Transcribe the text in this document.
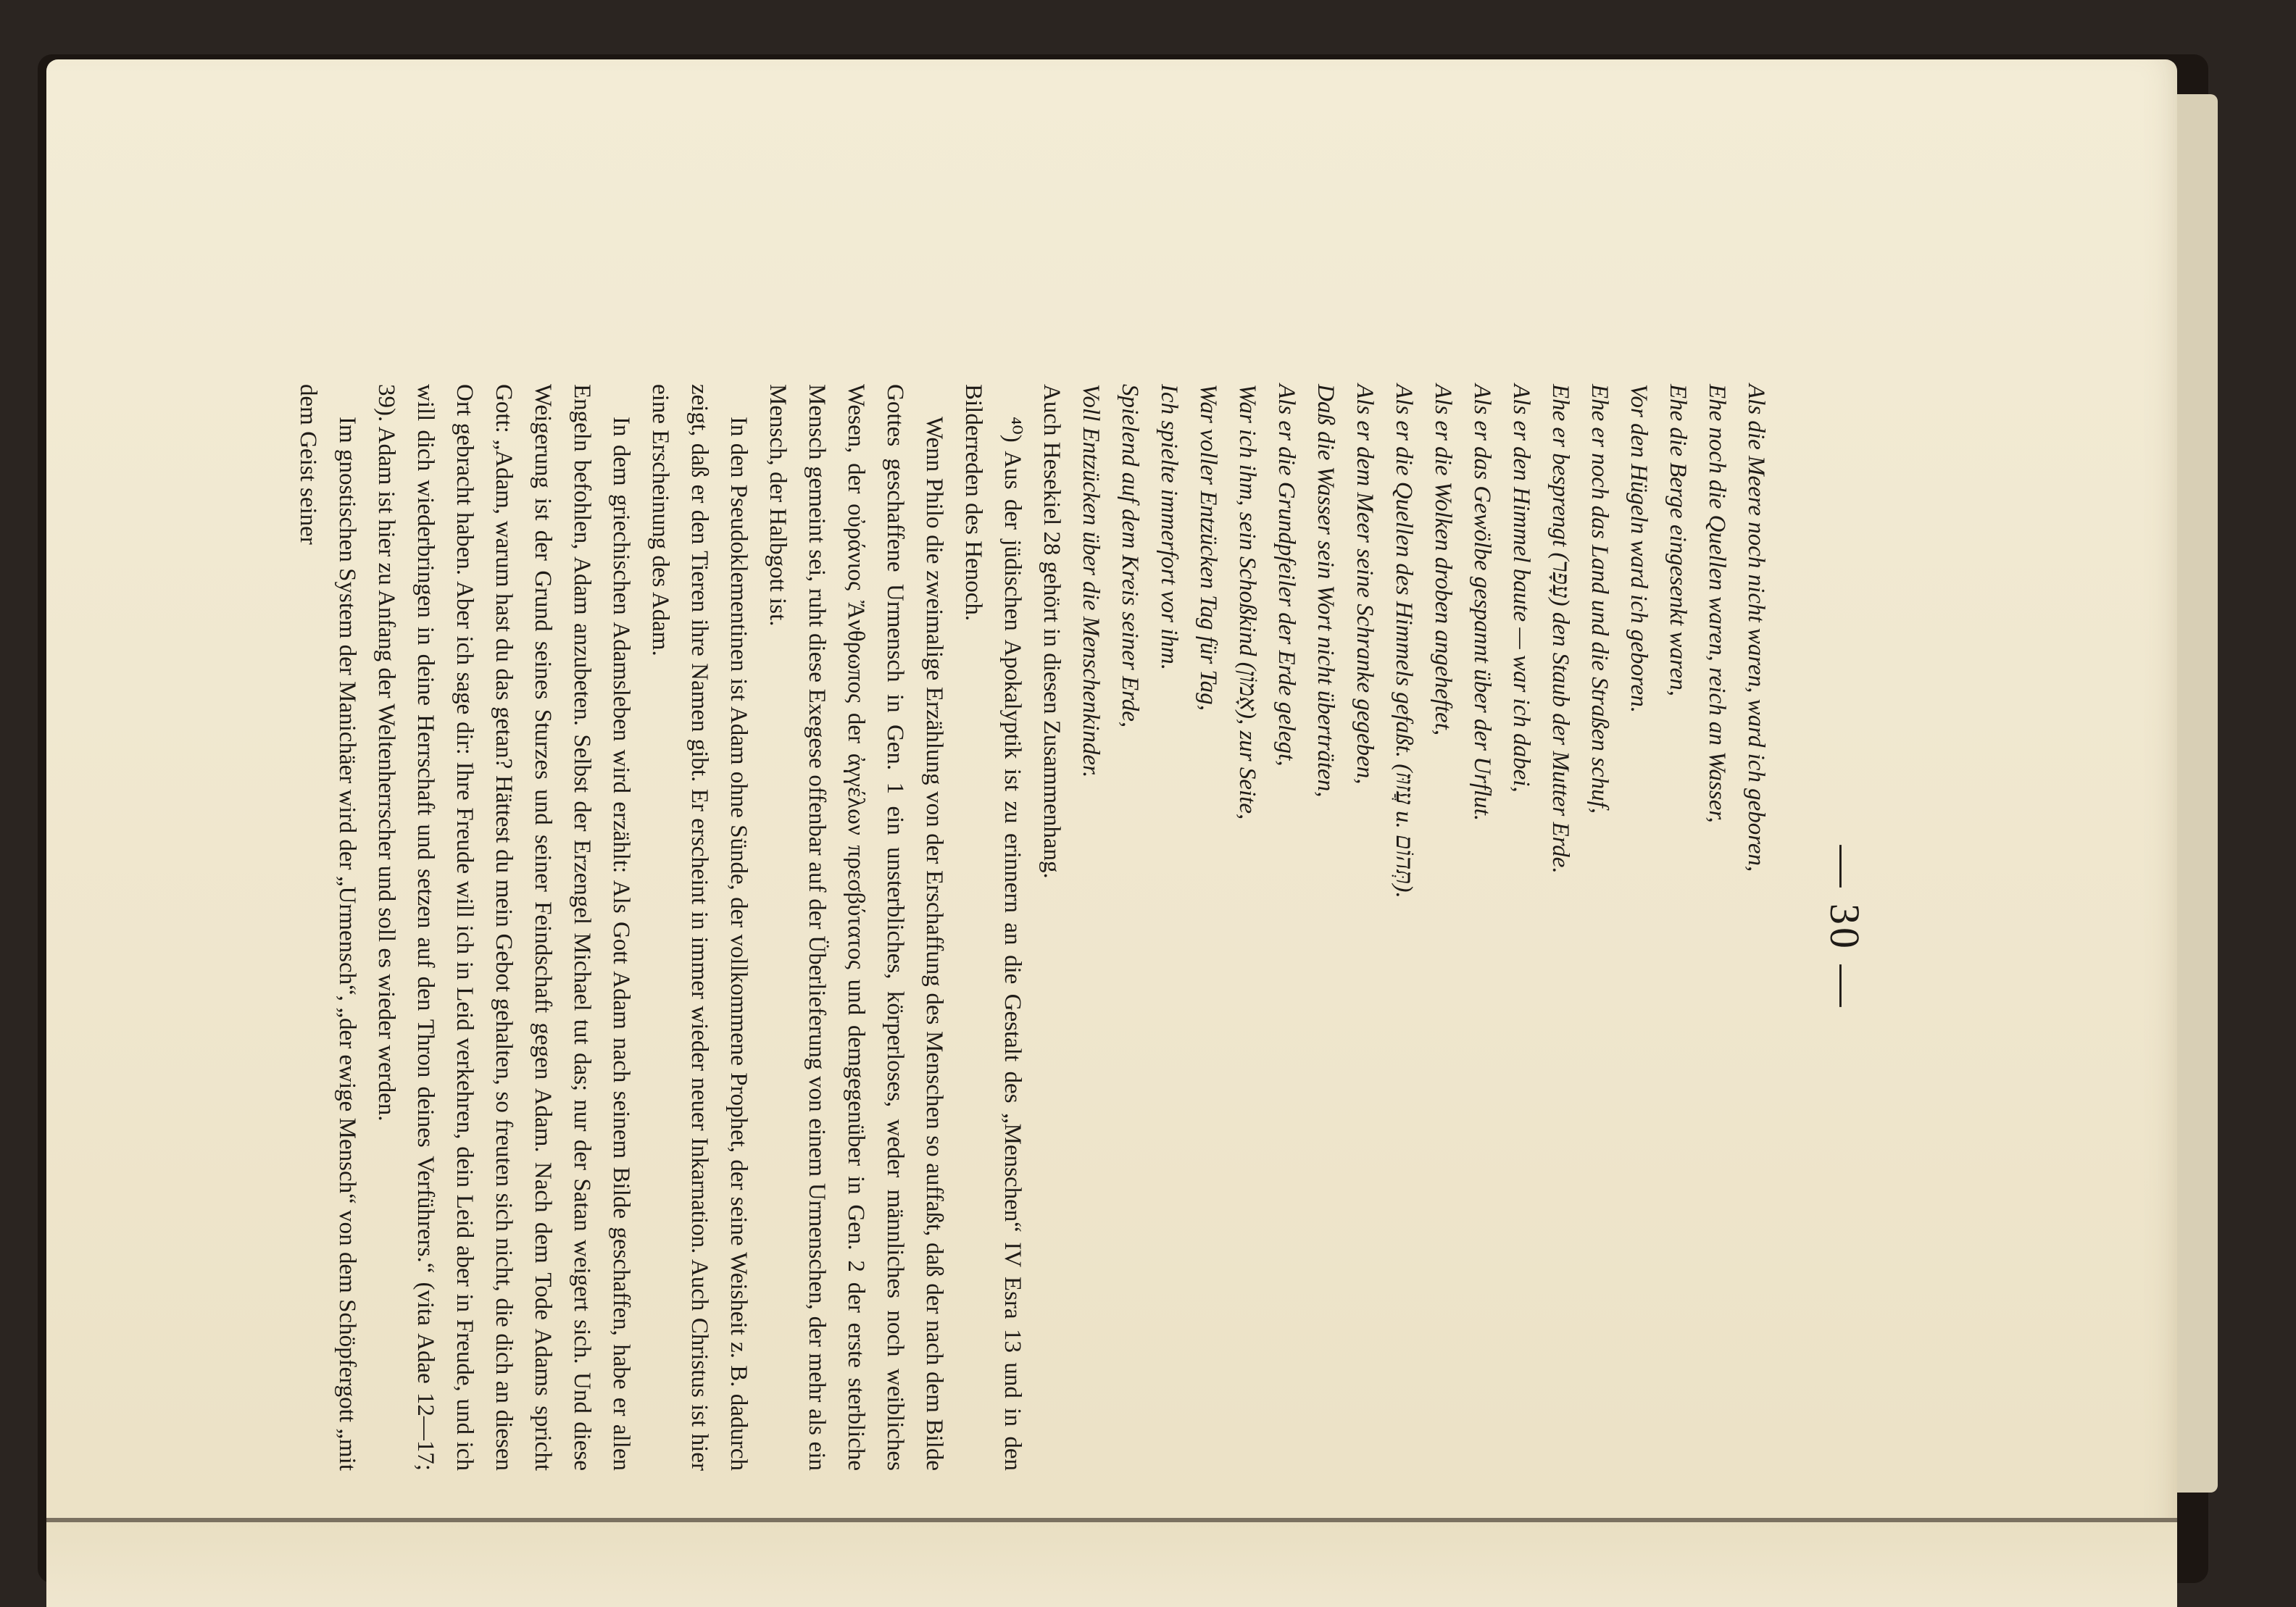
— 30 —
Als die Meere noch nicht waren, ward ich geboren,
Ehe noch die Quellen waren, reich an Wasser,
Ehe die Berge eingesenkt waren,
Vor den Hügeln ward ich geboren.
Ehe er noch das Land und die Straßen schuf,
Ehe er besprengt (עָפָר) den Staub der Mutter Erde.
Als er den Himmel baute — war ich dabei,
Als er das Gewölbe gespannt über der Urflut.
Als er die Wolken droben angeheftet,
Als er die Quellen des Himmels gefaßt. (עֲזוּז u. תְּהוֹם).
Als er dem Meer seine Schranke gegeben,
Daß die Wasser sein Wort nicht überträten,
Als er die Grundpfeiler der Erde gelegt,
War ich ihm, sein Schoßkind (אָמוֹן), zur Seite,
War voller Entzücken Tag für Tag,
Ich spielte immerfort vor ihm.
Spielend auf dem Kreis seiner Erde,
Voll Entzücken über die Menschenkinder.

Auch Hesekiel 28 gehört in diesen Zusammenhang.

⁴⁰) Aus der jüdischen Apokalyptik ist zu erinnern an die Gestalt des „Menschen“ IV Esra 13 und in den Bilderreden des Henoch.

Wenn Philo die zweimalige Erzählung von der Erschaffung des Menschen so auffaßt, daß der nach dem Bilde Gottes geschaffene Urmensch in Gen. 1 ein unsterbliches, körperloses, weder männliches noch weibliches Wesen, der οὐράνιος Ἄνθρωπος der ἀγγέλων πρεσβύτατος und demgegenüber in Gen. 2 der erste sterbliche Mensch gemeint sei, ruht diese Exegese offenbar auf der Überlieferung von einem Urmenschen, der mehr als ein Mensch, der Halbgott ist.

In den Pseudoklementinen ist Adam ohne Sünde, der vollkommene Prophet, der seine Weisheit z. B. dadurch zeigt, daß er den Tieren ihre Namen gibt. Er erscheint in immer wieder neuer Inkarnation. Auch Christus ist hier eine Erscheinung des Adam.

In dem griechischen Adamsleben wird erzählt: Als Gott Adam nach seinem Bilde geschaffen, habe er allen Engeln befohlen, Adam anzubeten. Selbst der Erzengel Michael tut das; nur der Satan weigert sich. Und diese Weigerung ist der Grund seines Sturzes und seiner Feindschaft gegen Adam. Nach dem Tode Adams spricht Gott: „Adam, warum hast du das getan? Hättest du mein Gebot gehalten, so freuten sich nicht, die dich an diesen Ort gebracht haben. Aber ich sage dir: Ihre Freude will ich in Leid verkehren, dein Leid aber in Freude, und ich will dich wiederbringen in deine Herrschaft und setzen auf den Thron deines Verführers.“ (vita Adae 12—17; 39). Adam ist hier zu Anfang der Weltenherrscher und soll es wieder werden.

Im gnostischen System der Manichäer wird der „Urmensch“, „der ewige Mensch“ von dem Schöpfergott „mit dem Geist seiner
